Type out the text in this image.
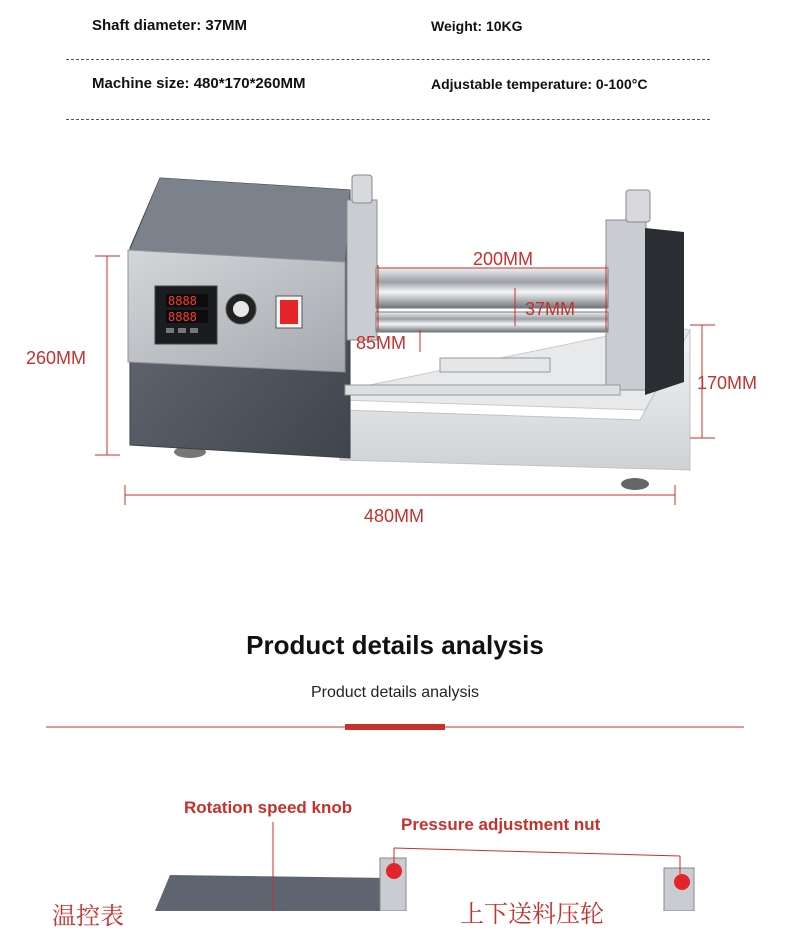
Shaft diameter: 37MM	Weight: 10KG
Machine size: 480*170*260MM	Adjustable temperature: 0-100°C
8888
8888
260MM
200MM
37MM
85MM
170MM
480MM
Product details analysis
Product details analysis
Rotation speed knob
Pressure adjustment nut
温控表	上下送料压轮
